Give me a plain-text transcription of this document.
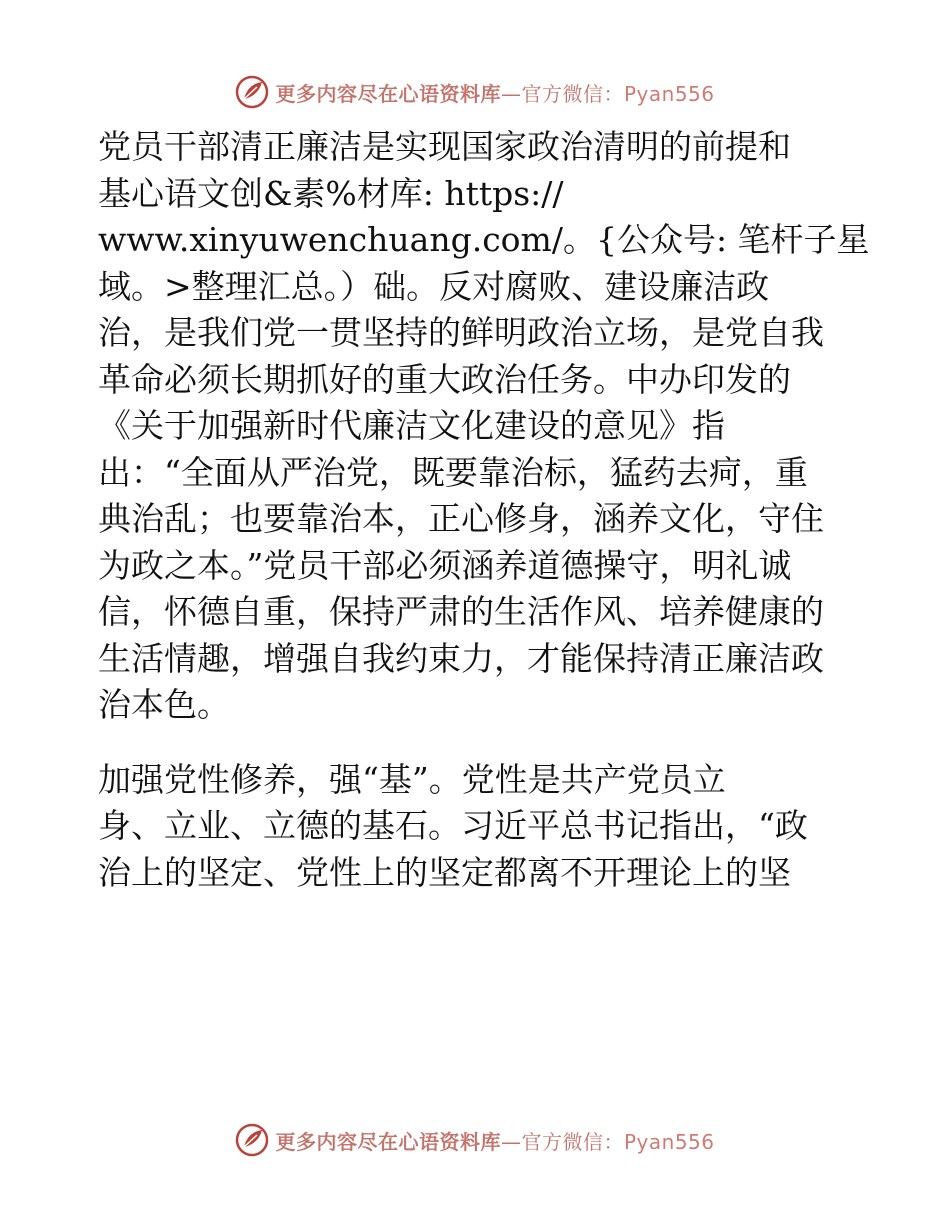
更多内容尽在心语资料库—官方微信：Pyan556

党员干部清正廉洁是实现国家政治清明的前提和
基心语文创&素%材库: https://
www.xinyuwenchuang.com/。{公众号: 笔杆子星
域。>整理汇总。）础。反对腐败、建设廉洁政
治，是我们党一贯坚持的鲜明政治立场，是党自我
革命必须长期抓好的重大政治任务。中办印发的
《关于加强新时代廉洁文化建设的意见》指
出：“全面从严治党，既要靠治标，猛药去疴，重
典治乱；也要靠治本，正心修身，涵养文化，守住
为政之本。”党员干部必须涵养道德操守，明礼诚
信，怀德自重，保持严肃的生活作风、培养健康的
生活情趣，增强自我约束力，才能保持清正廉洁政
治本色。

加强党性修养，强“基”。党性是共产党员立
身、立业、立德的基石。习近平总书记指出，“政
治上的坚定、党性上的坚定都离不开理论上的坚

更多内容尽在心语资料库—官方微信：Pyan556
